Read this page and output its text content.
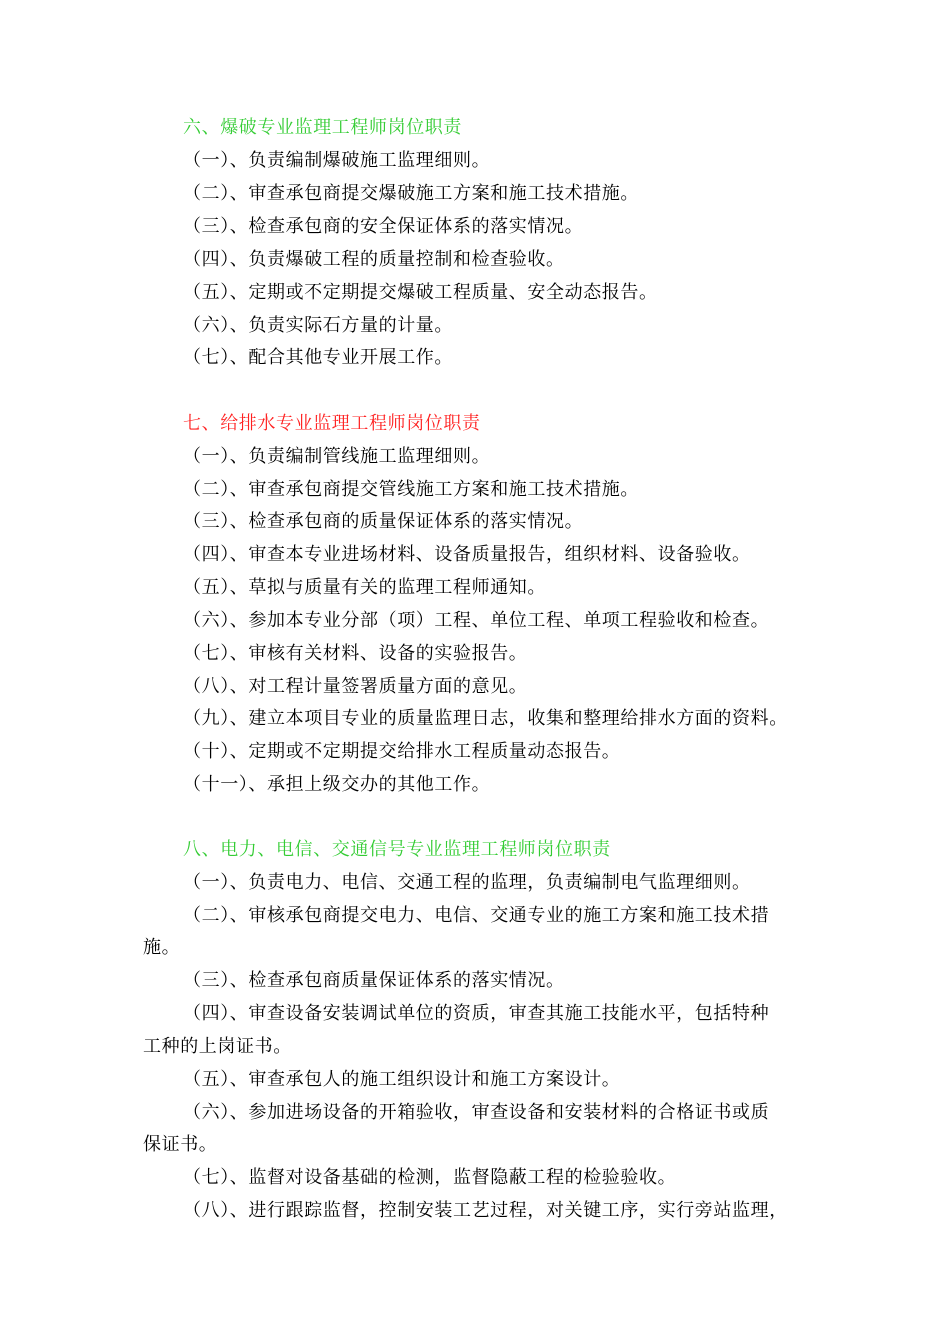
六、爆破专业监理工程师岗位职责
（一）、负责编制爆破施工监理细则。
（二）、审查承包商提交爆破施工方案和施工技术措施。
（三）、检查承包商的安全保证体系的落实情况。
（四）、负责爆破工程的质量控制和检查验收。
（五）、定期或不定期提交爆破工程质量、安全动态报告。
（六）、负责实际石方量的计量。
（七）、配合其他专业开展工作。
七、给排水专业监理工程师岗位职责
（一）、负责编制管线施工监理细则。
（二）、审查承包商提交管线施工方案和施工技术措施。
（三）、检查承包商的质量保证体系的落实情况。
（四）、审查本专业进场材料、设备质量报告，组织材料、设备验收。
（五）、草拟与质量有关的监理工程师通知。
（六）、参加本专业分部（项）工程、单位工程、单项工程验收和检查。
（七）、审核有关材料、设备的实验报告。
（八）、对工程计量签署质量方面的意见。
（九）、建立本项目专业的质量监理日志，收集和整理给排水方面的资料。
（十）、定期或不定期提交给排水工程质量动态报告。
（十一）、承担上级交办的其他工作。
八、电力、电信、交通信号专业监理工程师岗位职责
（一）、负责电力、电信、交通工程的监理，负责编制电气监理细则。
（二）、审核承包商提交电力、电信、交通专业的施工方案和施工技术措
施。
（三）、检查承包商质量保证体系的落实情况。
（四）、审查设备安装调试单位的资质，审查其施工技能水平，包括特种
工种的上岗证书。
（五）、审查承包人的施工组织设计和施工方案设计。
（六）、参加进场设备的开箱验收，审查设备和安装材料的合格证书或质
保证书。
（七）、监督对设备基础的检测，监督隐蔽工程的检验验收。
（八）、进行跟踪监督，控制安装工艺过程，对关键工序，实行旁站监理，
